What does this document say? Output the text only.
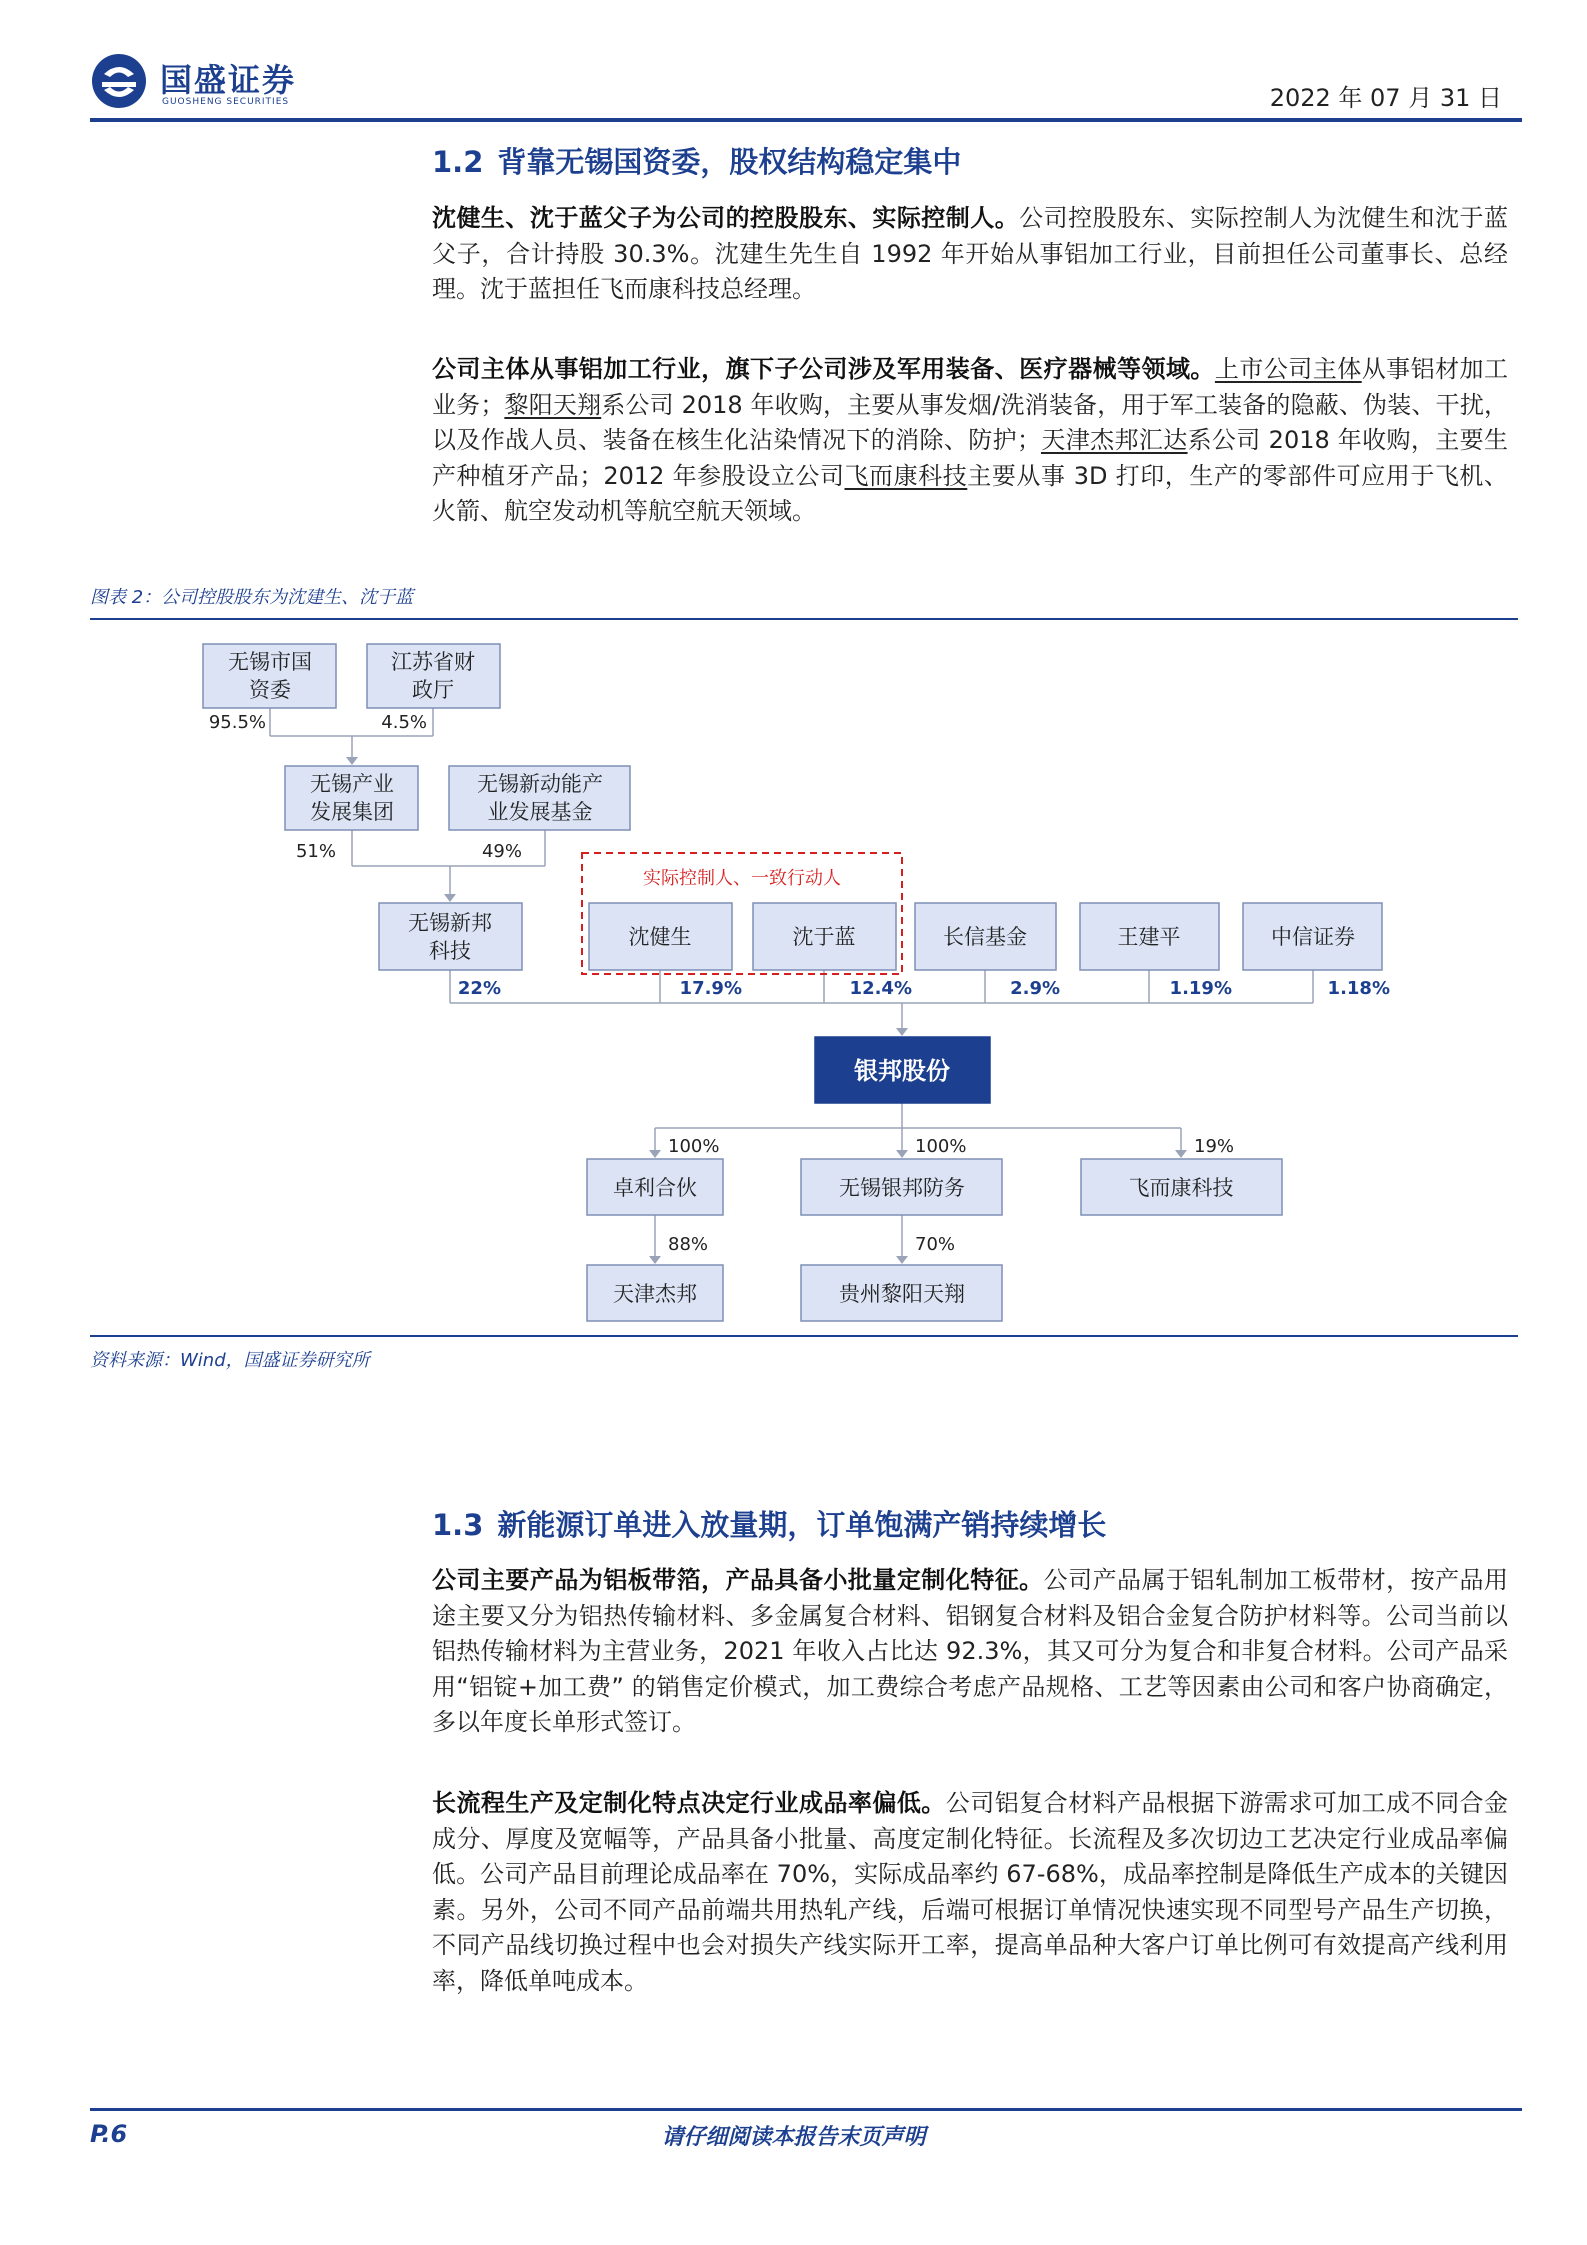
国盛证券
GUOSHENG SECURITIES	2022 年 07 月 31 日
1.2 背靠无锡国资委，股权结构稳定集中
沈健生、沈于蓝父子为公司的控股股东、实际控制人。公司控股股东、实际控制人为沈健生和沈于蓝父子，合计持股 30.3%。沈建生先生自 1992 年开始从事铝加工行业，目前担任公司董事长、总经理。沈于蓝担任飞而康科技总经理。
公司主体从事铝加工行业，旗下子公司涉及军用装备、医疗器械等领域。上市公司主体从事铝材加工业务；黎阳天翔系公司 2018 年收购，主要从事发烟/洗消装备，用于军工装备的隐蔽、伪装、干扰，以及作战人员、装备在核生化沾染情况下的消除、防护；天津杰邦汇达系公司 2018 年收购，主要生产种植牙产品；2012 年参股设立公司飞而康科技主要从事 3D 打印，生产的零部件可应用于飞机、火箭、航空发动机等航空航天领域。
图表 2：公司控股股东为沈建生、沈于蓝
无锡市国
资委
江苏省财
政厅
95.5%	4.5%
无锡产业
发展集团
无锡新动能产
业发展基金
51%	49%
无锡新邦
科技
实际控制人、一致行动人
沈健生	沈于蓝	长信基金	王建平	中信证券
22%	17.9%	12.4%	2.9%	1.19%	1.18%
银邦股份
100%	100%	19%
88%	70%
卓利合伙	无锡银邦防务	飞而康科技
天津杰邦	贵州黎阳天翔
资料来源：Wind，国盛证券研究所
1.3 新能源订单进入放量期，订单饱满产销持续增长
公司主要产品为铝板带箔，产品具备小批量定制化特征。公司产品属于铝轧制加工板带材，按产品用途主要又分为铝热传输材料、多金属复合材料、铝钢复合材料及铝合金复合防护材料等。公司当前以铝热传输材料为主营业务，2021 年收入占比达 92.3%，其又可分为复合和非复合材料。公司产品采用“铝锭+加工费” 的销售定价模式，加工费综合考虑产品规格、工艺等因素由公司和客户协商确定，多以年度长单形式签订。
长流程生产及定制化特点决定行业成品率偏低。公司铝复合材料产品根据下游需求可加工成不同合金成分、厚度及宽幅等，产品具备小批量、高度定制化特征。长流程及多次切边工艺决定行业成品率偏低。公司产品目前理论成品率在 70%，实际成品率约 67-68%，成品率控制是降低生产成本的关键因素。另外，公司不同产品前端共用热轧产线，后端可根据订单情况快速实现不同型号产品生产切换，不同产品线切换过程中也会对损失产线实际开工率，提高单品种大客户订单比例可有效提高产线利用率，降低单吨成本。
P.6	请仔细阅读本报告末页声明
